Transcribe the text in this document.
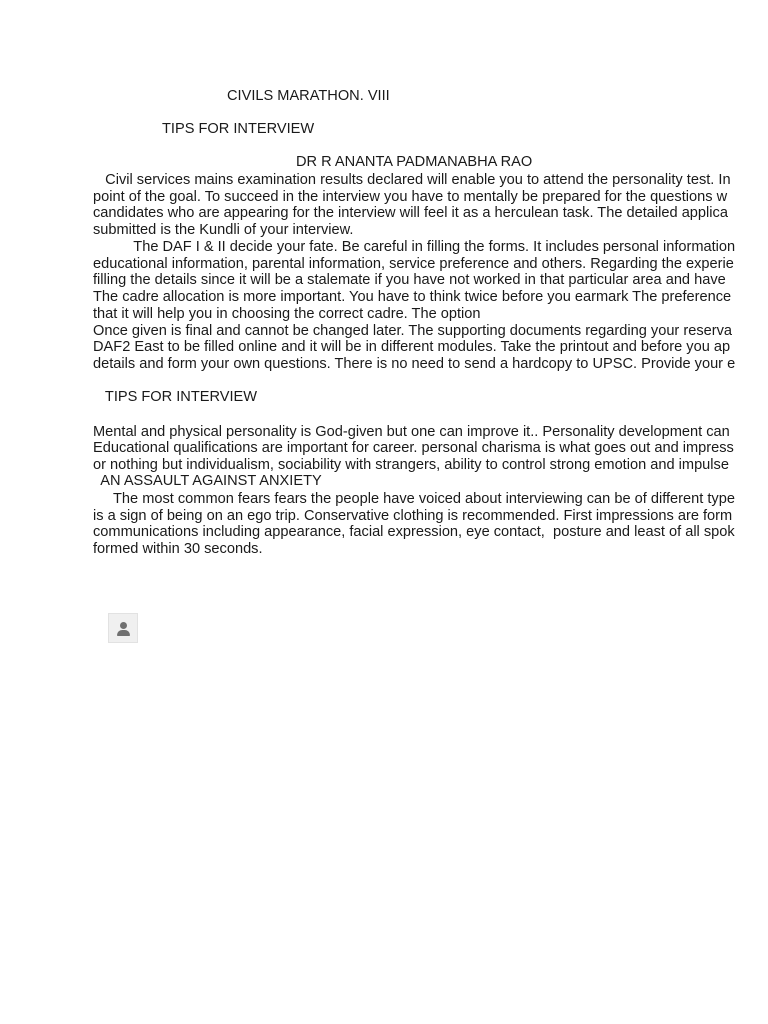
CIVILS MARATHON. VIII

TIPS FOR INTERVIEW

DR R ANANTA PADMANABHA RAO

Civil services mains examination results declared will enable you to attend the personality test. In

point of the goal. To succeed in the interview you have to mentally be prepared for the questions w

candidates who are appearing for the interview will feel it as a herculean task. The detailed applica

submitted is the Kundli of your interview.

The DAF I & II decide your fate. Be careful in filling the forms. It includes personal information

educational information, parental information, service preference and others. Regarding the experie

filling the details since it will be a stalemate if you have not worked in that particular area and have

The cadre allocation is more important. You have to think twice before you earmark The preference

that it will help you in choosing the correct cadre. The option

Once given is final and cannot be changed later. The supporting documents regarding your reserva

DAF2 East to be filled online and it will be in different modules. Take the printout and before you ap

details and form your own questions. There is no need to send a hardcopy to UPSC. Provide your e

TIPS FOR INTERVIEW

Mental and physical personality is God-given but one can improve it.. Personality development can

Educational qualifications are important for career. personal charisma is what goes out and impress

or nothing but individualism, sociability with strangers, ability to control strong emotion and impulse

AN ASSAULT AGAINST ANXIETY

The most common fears fears the people have voiced about interviewing can be of different type

is a sign of being on an ego trip. Conservative clothing is recommended. First impressions are form

communications including appearance, facial expression, eye contact,  posture and least of all spok

formed within 30 seconds.
